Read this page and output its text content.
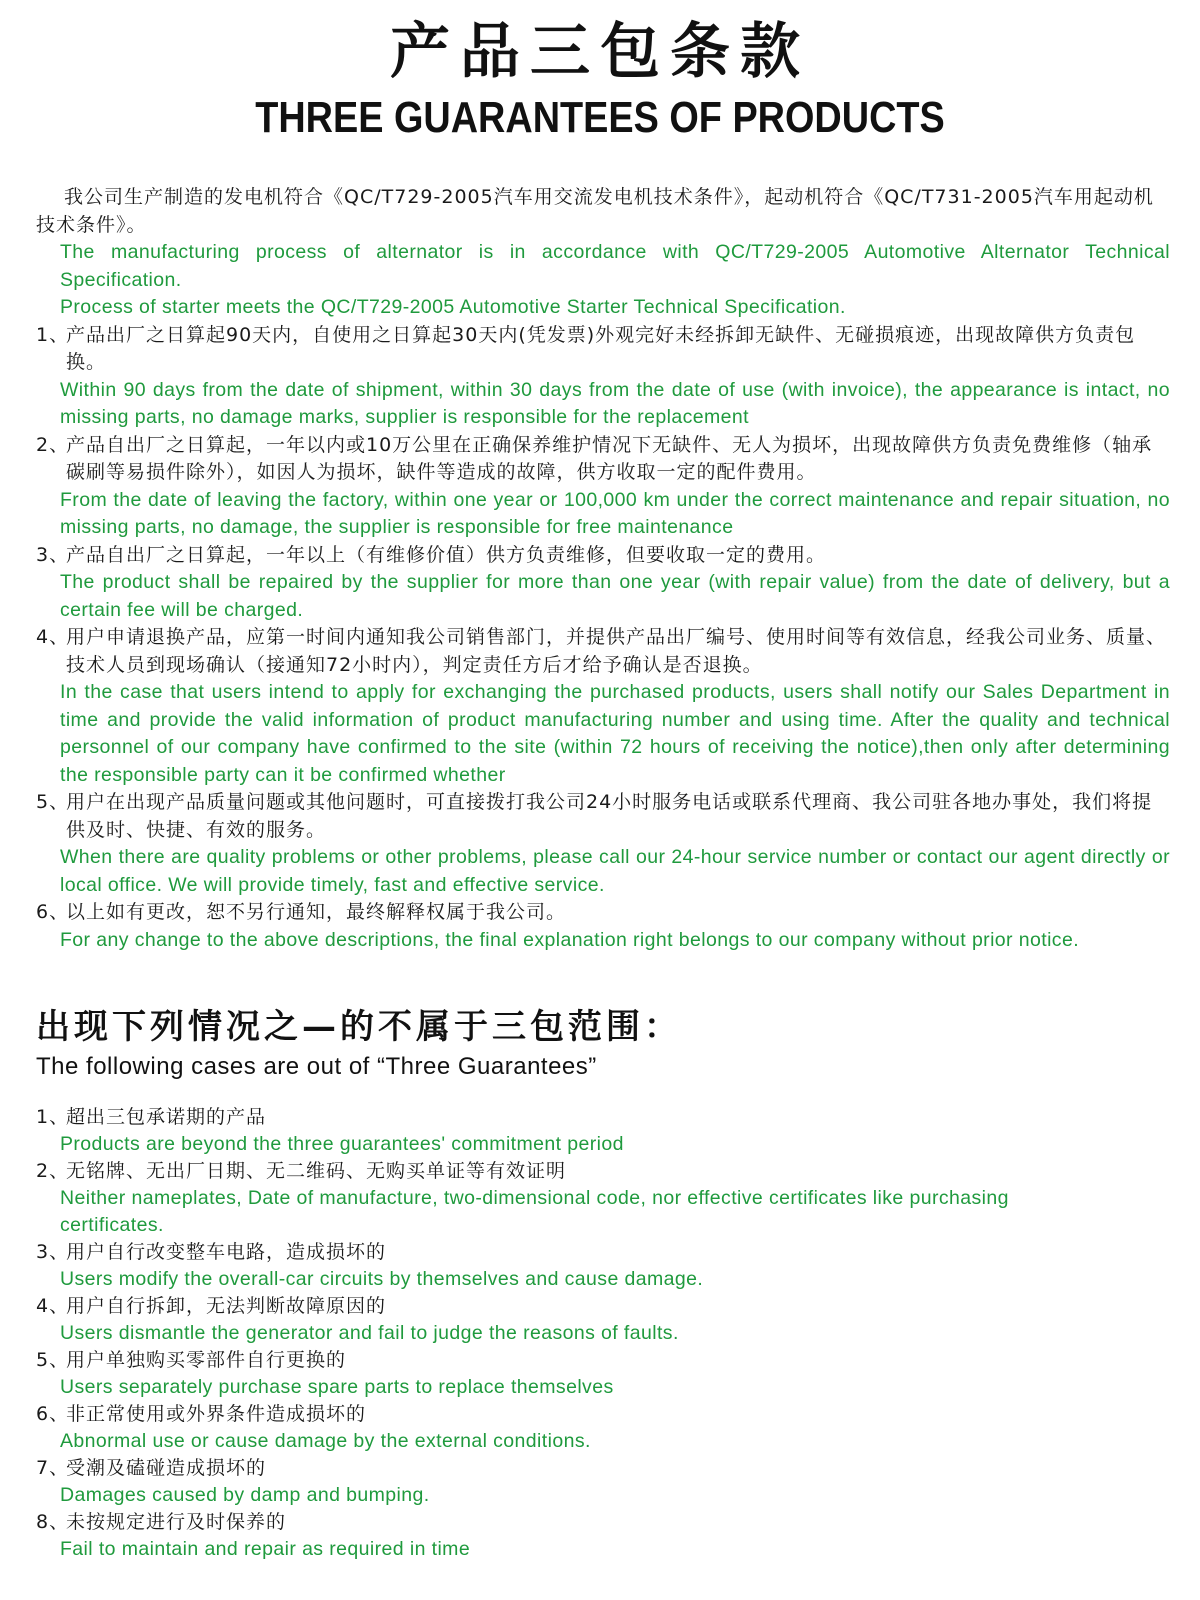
产品三包条款
THREE GUARANTEES OF PRODUCTS

我公司生产制造的发电机符合《QC/T729-2005汽车用交流发电机技术条件》，起动机符合《QC/T731-2005汽车用起动机技术条件》。

The manufacturing process of alternator is in accordance with QC/T729-2005 Automotive Alternator Technical Specification.

Process of starter meets the QC/T729-2005 Automotive Starter Technical Specification.

1、
产品出厂之日算起90天内，自使用之日算起30天内(凭发票)外观完好未经拆卸无缺件、无碰损痕迹，出现故障供方负责包换。

Within 90 days from the date of shipment, within 30 days from the date of use (with invoice), the appearance is intact, no missing parts, no damage marks, supplier is responsible for the replacement

2、
产品自出厂之日算起，一年以内或10万公里在正确保养维护情况下无缺件、无人为损坏，出现故障供方负责免费维修（轴承碳刷等易损件除外），如因人为损坏，缺件等造成的故障，供方收取一定的配件费用。

From the date of leaving the factory, within one year or 100,000 km under the correct maintenance and repair situation, no missing parts, no damage, the supplier is responsible for free maintenance

3、
产品自出厂之日算起，一年以上（有维修价值）供方负责维修，但要收取一定的费用。

The product shall be repaired by the supplier for more than one year (with repair value) from the date of delivery, but a certain fee will be charged.

4、
用户申请退换产品，应第一时间内通知我公司销售部门，并提供产品出厂编号、使用时间等有效信息，经我公司业务、质量、技术人员到现场确认（接通知72小时内），判定责任方后才给予确认是否退换。

In the case that users intend to apply for exchanging the purchased products, users shall notify our Sales Department in time and provide the valid information of product manufacturing number and using time. After the quality and technical personnel of our company have confirmed to the site (within 72 hours of receiving the notice),then only after determining the responsible party can it be confirmed whether

5、
用户在出现产品质量问题或其他问题时，可直接拨打我公司24小时服务电话或联系代理商、我公司驻各地办事处，我们将提供及时、快捷、有效的服务。

When there are quality problems or other problems, please call our 24-hour service number or contact our agent directly or local office. We will provide timely, fast and effective service.

6、
以上如有更改，恕不另行通知，最终解释权属于我公司。

For any change to the above descriptions, the final explanation right belongs to our company without prior notice.

出现下列情况之—的不属于三包范围：

The following cases are out of “Three Guarantees”

1、
超出三包承诺期的产品

Products are beyond the three guarantees' commitment period

2、
无铭牌、无出厂日期、无二维码、无购买单证等有效证明

Neither nameplates, Date of manufacture, two-dimensional code, nor effective certificates like purchasing certificates.

3、
用户自行改变整车电路，造成损坏的

Users modify the overall-car circuits by themselves and cause damage.

4、
用户自行拆卸，无法判断故障原因的

Users dismantle the generator and fail to judge the reasons of faults.

5、
用户单独购买零部件自行更换的

Users separately purchase spare parts to replace themselves

6、
非正常使用或外界条件造成损坏的

Abnormal use or cause damage by the external conditions.

7、
受潮及磕碰造成损坏的

Damages caused by damp and bumping.

8、
未按规定进行及时保养的

Fail to maintain and repair as required in time
